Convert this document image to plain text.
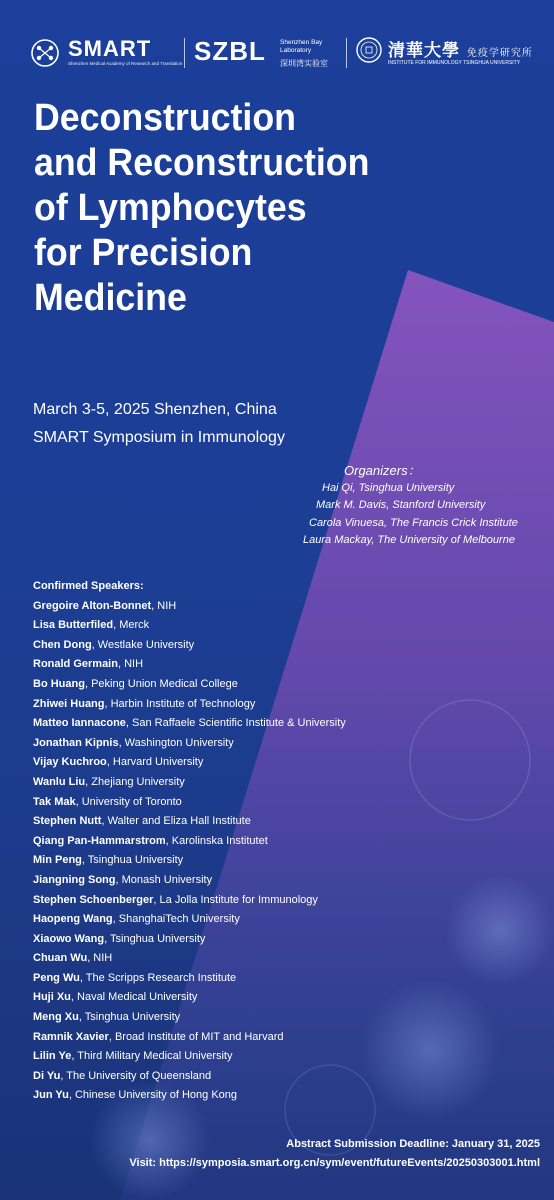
SMART
Shenzhen Medical Academy of Research and Translation SZBL Shenzhen Bay Laboratory
深圳湾实验室
清華大學 免疫学研究所
INSTITUTE FOR IMMUNOLOGY TSINGHUA UNIVERSITY
Deconstruction
and Reconstruction
of Lymphocytes
for Precision
Medicine
March 3-5, 2025 Shenzhen, China
SMART Symposium in Immunology
Organizers：
Hai Qi, Tsinghua University
Mark M. Davis, Stanford University
Carola Vinuesa, The Francis Crick Institute
Laura Mackay, The University of Melbourne
Confirmed Speakers:
Gregoire Alton-Bonnet, NIH
Lisa Butterfiled, Merck
Chen Dong, Westlake University
Ronald Germain, NIH
Bo Huang, Peking Union Medical College
Zhiwei Huang, Harbin Institute of Technology
Matteo Iannacone, San Raffaele Scientific Institute & University
Jonathan Kipnis, Washington University
Vijay Kuchroo, Harvard University
Wanlu Liu, Zhejiang University
Tak Mak, University of Toronto
Stephen Nutt, Walter and Eliza Hall Institute
Qiang Pan-Hammarstrom, Karolinska Institutet
Min Peng, Tsinghua University
Jiangning Song, Monash University
Stephen Schoenberger, La Jolla Institute for Immunology
Haopeng Wang, ShanghaiTech University
Xiaowo Wang, Tsinghua University
Chuan Wu, NIH
Peng Wu, The Scripps Research Institute
Huji Xu, Naval Medical University
Meng Xu, Tsinghua University
Ramnik Xavier, Broad Institute of MIT and Harvard
Lilin Ye, Third Military Medical University
Di Yu, The University of Queensland
Jun Yu, Chinese University of Hong Kong
Abstract Submission Deadline: January 31, 2025
Visit: https://symposia.smart.org.cn/sym/event/futureEvents/20250303001.html
